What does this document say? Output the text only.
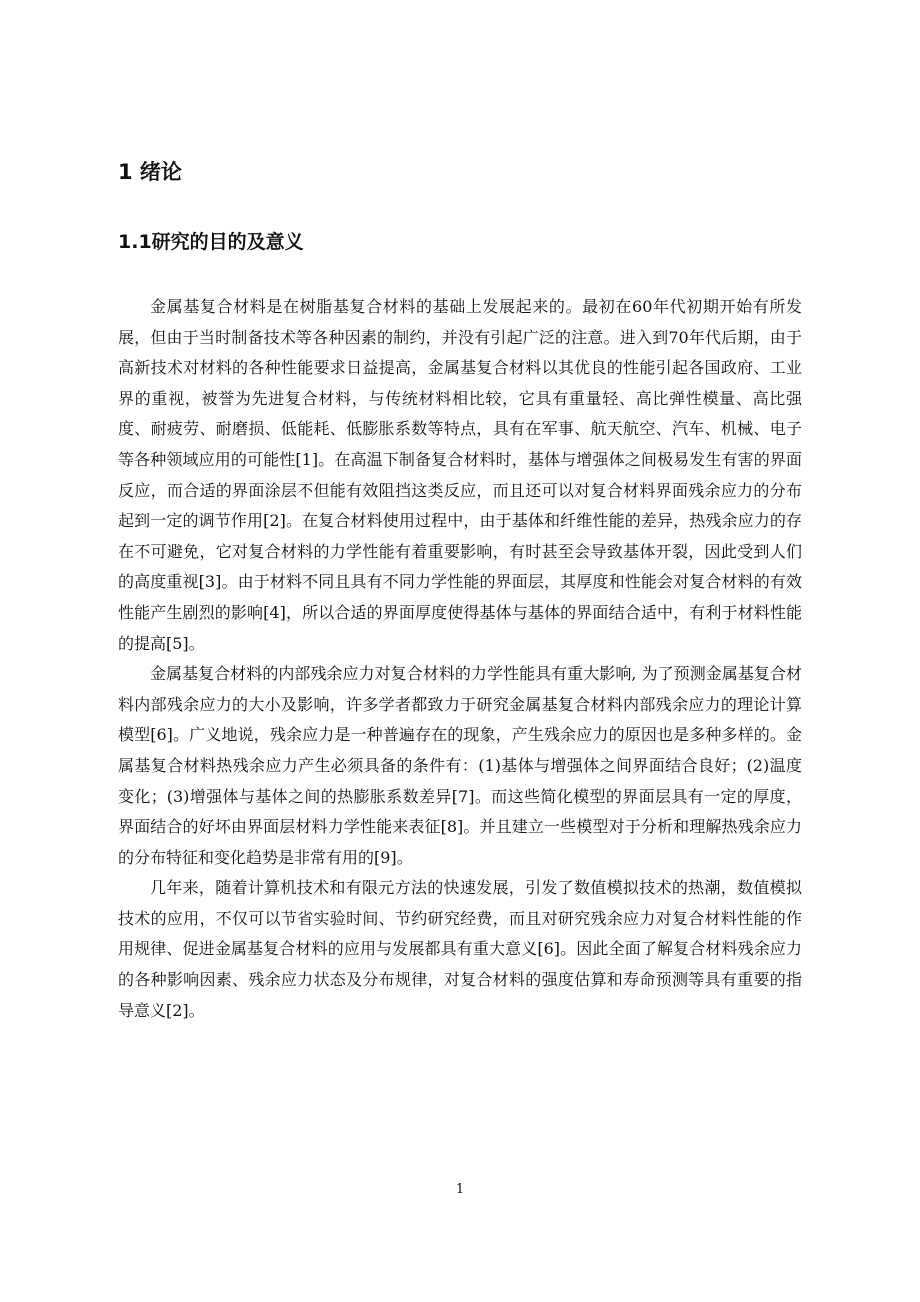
1 绪论
1.1研究的目的及意义

金属基复合材料是在树脂基复合材料的基础上发展起来的。最初在60年代初期开始有所发展，但由于当时制备技术等各种因素的制约，并没有引起广泛的注意。进入到70年代后期，由于高新技术对材料的各种性能要求日益提高，金属基复合材料以其优良的性能引起各国政府、工业界的重视，被誉为先进复合材料，与传统材料相比较，它具有重量轻、高比弹性模量、高比强度、耐疲劳、耐磨损、低能耗、低膨胀系数等特点，具有在军事、航天航空、汽车、机械、电子等各种领域应用的可能性[1]。在高温下制备复合材料时，基体与增强体之间极易发生有害的界面反应，而合适的界面涂层不但能有效阻挡这类反应，而且还可以对复合材料界面残余应力的分布起到一定的调节作用[2]。在复合材料使用过程中，由于基体和纤维性能的差异，热残余应力的存在不可避免，它对复合材料的力学性能有着重要影响，有时甚至会导致基体开裂，因此受到人们的高度重视[3]。由于材料不同且具有不同力学性能的界面层，其厚度和性能会对复合材料的有效性能产生剧烈的影响[4]，所以合适的界面厚度使得基体与基体的界面结合适中，有利于材料性能的提高[5]。

金属基复合材料的内部残余应力对复合材料的力学性能具有重大影响, 为了预测金属基复合材料内部残余应力的大小及影响，许多学者都致力于研究金属基复合材料内部残余应力的理论计算模型[6]。广义地说，残余应力是一种普遍存在的现象，产生残余应力的原因也是多种多样的。金属基复合材料热残余应力产生必须具备的条件有：(1)基体与增强体之间界面结合良好；(2)温度变化；(3)增强体与基体之间的热膨胀系数差异[7]。而这些简化模型的界面层具有一定的厚度，界面结合的好坏由界面层材料力学性能来表征[8]。并且建立一些模型对于分析和理解热残余应力的分布特征和变化趋势是非常有用的[9]。

几年来，随着计算机技术和有限元方法的快速发展，引发了数值模拟技术的热潮，数值模拟技术的应用，不仅可以节省实验时间、节约研究经费，而且对研究残余应力对复合材料性能的作用规律、促进金属基复合材料的应用与发展都具有重大意义[6]。因此全面了解复合材料残余应力的各种影响因素、残余应力状态及分布规律，对复合材料的强度估算和寿命预测等具有重要的指导意义[2]。

1
